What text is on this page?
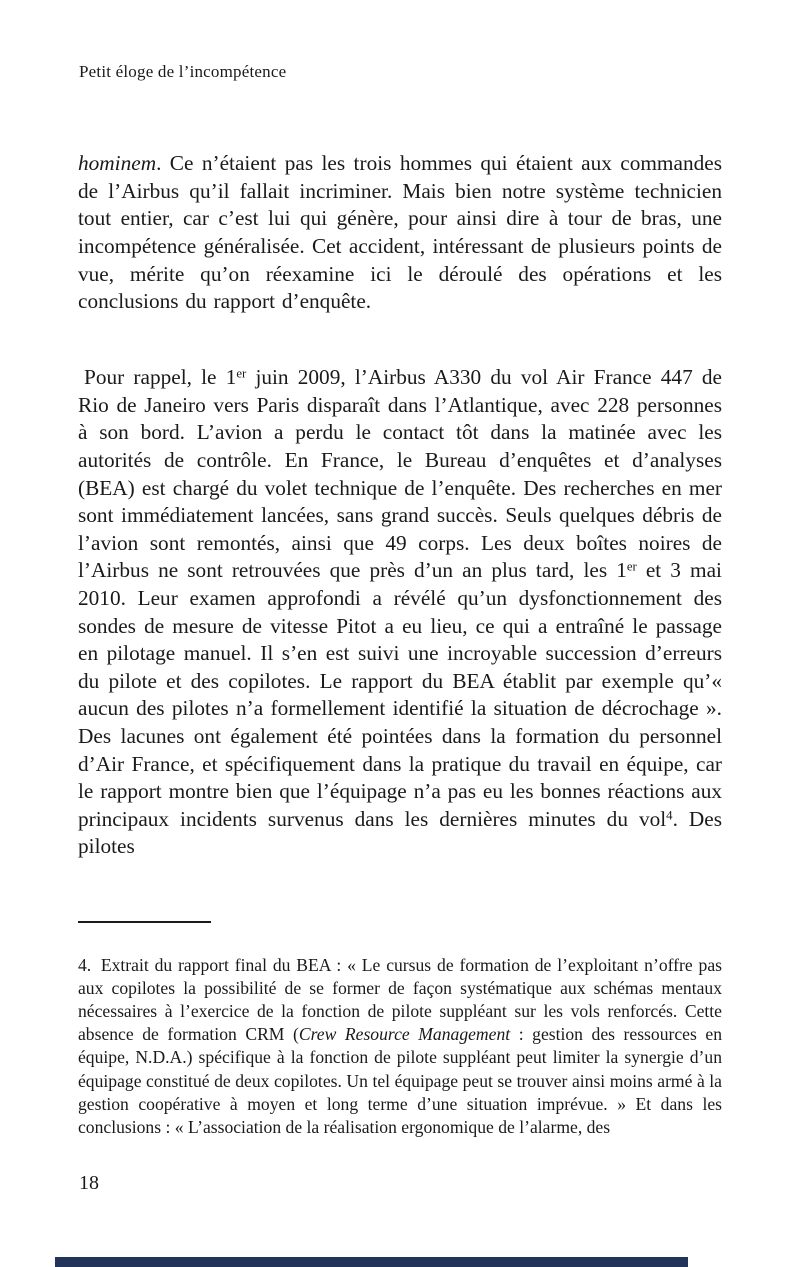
Petit éloge de l’incompétence

hominem. Ce n’étaient pas les trois hommes qui étaient aux commandes de l’Airbus qu’il fallait incriminer. Mais bien notre système technicien tout entier, car c’est lui qui génère, pour ainsi dire à tour de bras, une incompétence généralisée. Cet accident, intéressant de plusieurs points de vue, mérite qu’on réexamine ici le déroulé des opérations et les conclusions du rapport d’enquête.

Pour rappel, le 1er juin 2009, l’Airbus A330 du vol Air France 447 de Rio de Janeiro vers Paris disparaît dans l’Atlantique, avec 228 personnes à son bord. L’avion a perdu le contact tôt dans la matinée avec les autorités de contrôle. En France, le Bureau d’enquêtes et d’analyses (BEA) est chargé du volet technique de l’enquête. Des recherches en mer sont immédiatement lancées, sans grand succès. Seuls quelques débris de l’avion sont remontés, ainsi que 49 corps. Les deux boîtes noires de l’Airbus ne sont retrouvées que près d’un an plus tard, les 1er et 3 mai 2010. Leur examen approfondi a révélé qu’un dysfonctionnement des sondes de mesure de vitesse Pitot a eu lieu, ce qui a entraîné le passage en pilotage manuel. Il s’en est suivi une incroyable succession d’erreurs du pilote et des copilotes. Le rapport du BEA établit par exemple qu’« aucun des pilotes n’a formellement identifié la situation de décrochage ». Des lacunes ont également été pointées dans la formation du personnel d’Air France, et spécifiquement dans la pratique du travail en équipe, car le rapport montre bien que l’équipage n’a pas eu les bonnes réactions aux principaux incidents survenus dans les dernières minutes du vol$^4$. Des pilotes

4. Extrait du rapport final du BEA : « Le cursus de formation de l’exploitant n’offre pas aux copilotes la possibilité de se former de façon systématique aux schémas mentaux nécessaires à l’exercice de la fonction de pilote suppléant sur les vols renforcés. Cette absence de formation CRM (Crew Resource Management : gestion des ressources en équipe, N.D.A.) spécifique à la fonction de pilote suppléant peut limiter la synergie d’un équipage constitué de deux copilotes. Un tel équipage peut se trouver ainsi moins armé à la gestion coopérative à moyen et long terme d’une situation imprévue. » Et dans les conclusions : « L’association de la réalisation ergonomique de l’alarme, des

18
